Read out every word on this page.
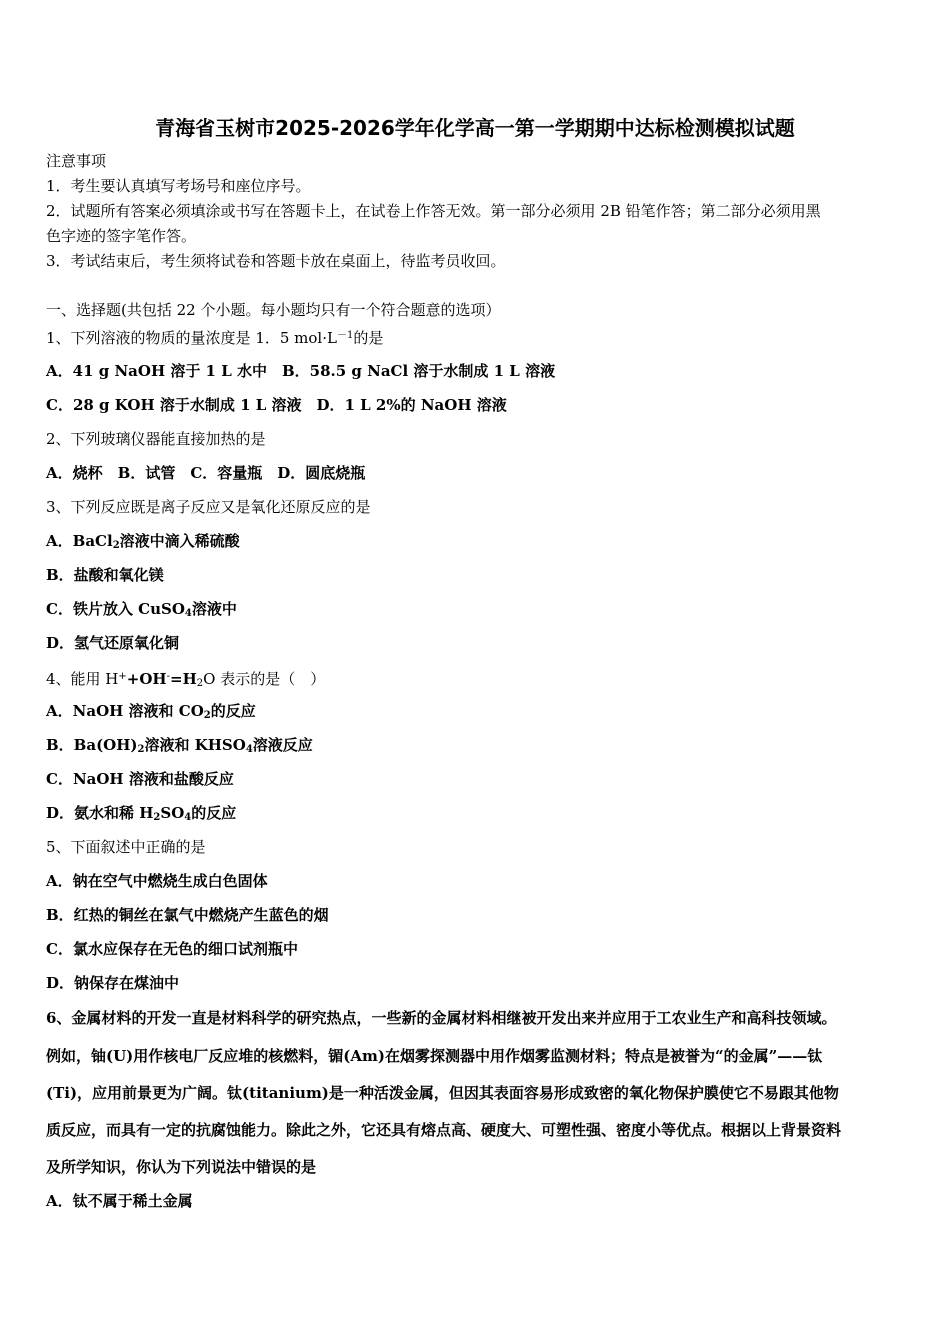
青海省玉树市2025-2026学年化学高一第一学期期中达标检测模拟试题
注意事项
1．考生要认真填写考场号和座位序号。
2．试题所有答案必须填涂或书写在答题卡上，在试卷上作答无效。第一部分必须用 2B 铅笔作答；第二部分必须用黑
色字迹的签字笔作答。
3．考试结束后，考生须将试卷和答题卡放在桌面上，待监考员收回。
一、选择题(共包括 22 个小题。每小题均只有一个符合题意的选项）
1、下列溶液的物质的量浓度是 1．5 $mol\cdot L^{-1}$的是
A．41 g NaOH 溶于 1 L 水中　B．58.5 g NaCl 溶于水制成 1 L 溶液
C．28 g KOH 溶于水制成 1 L 溶液　D．1 L 2%的 NaOH 溶液
2、下列玻璃仪器能直接加热的是
A．烧杯　B．试管　C．容量瓶　D．圆底烧瓶
3、下列反应既是离子反应又是氧化还原反应的是
A．BaCl$_2$溶液中滴入稀硫酸
B．盐酸和氧化镁
C．铁片放入 CuSO$_4$溶液中
D．氢气还原氧化铜
4、能用 $H^++OH^-=H_2O$ 表示的是（　）
A．NaOH 溶液和 $CO_2$的反应
B．$Ba(OH)_2$溶液和 $KHSO_4$溶液反应
C．NaOH 溶液和盐酸反应
D．氨水和稀 $H_2SO_4$的反应
5、下面叙述中正确的是
A．钠在空气中燃烧生成白色固体
B．红热的铜丝在氯气中燃烧产生蓝色的烟
C．氯水应保存在无色的细口试剂瓶中
D．钠保存在煤油中
6、金属材料的开发一直是材料科学的研究热点，一些新的金属材料相继被开发出来并应用于工农业生产和高科技领域。
例如，铀(U)用作核电厂反应堆的核燃料，镅(Am)在烟雾探测器中用作烟雾监测材料；特点是被誉为“的金属”——钛
(Ti)，应用前景更为广阔。钛(titanium)是一种活泼金属，但因其表面容易形成致密的氧化物保护膜使它不易跟其他物
质反应，而具有一定的抗腐蚀能力。除此之外，它还具有熔点高、硬度大、可塑性强、密度小等优点。根据以上背景资料
及所学知识，你认为下列说法中错误的是
A．钛不属于稀土金属
